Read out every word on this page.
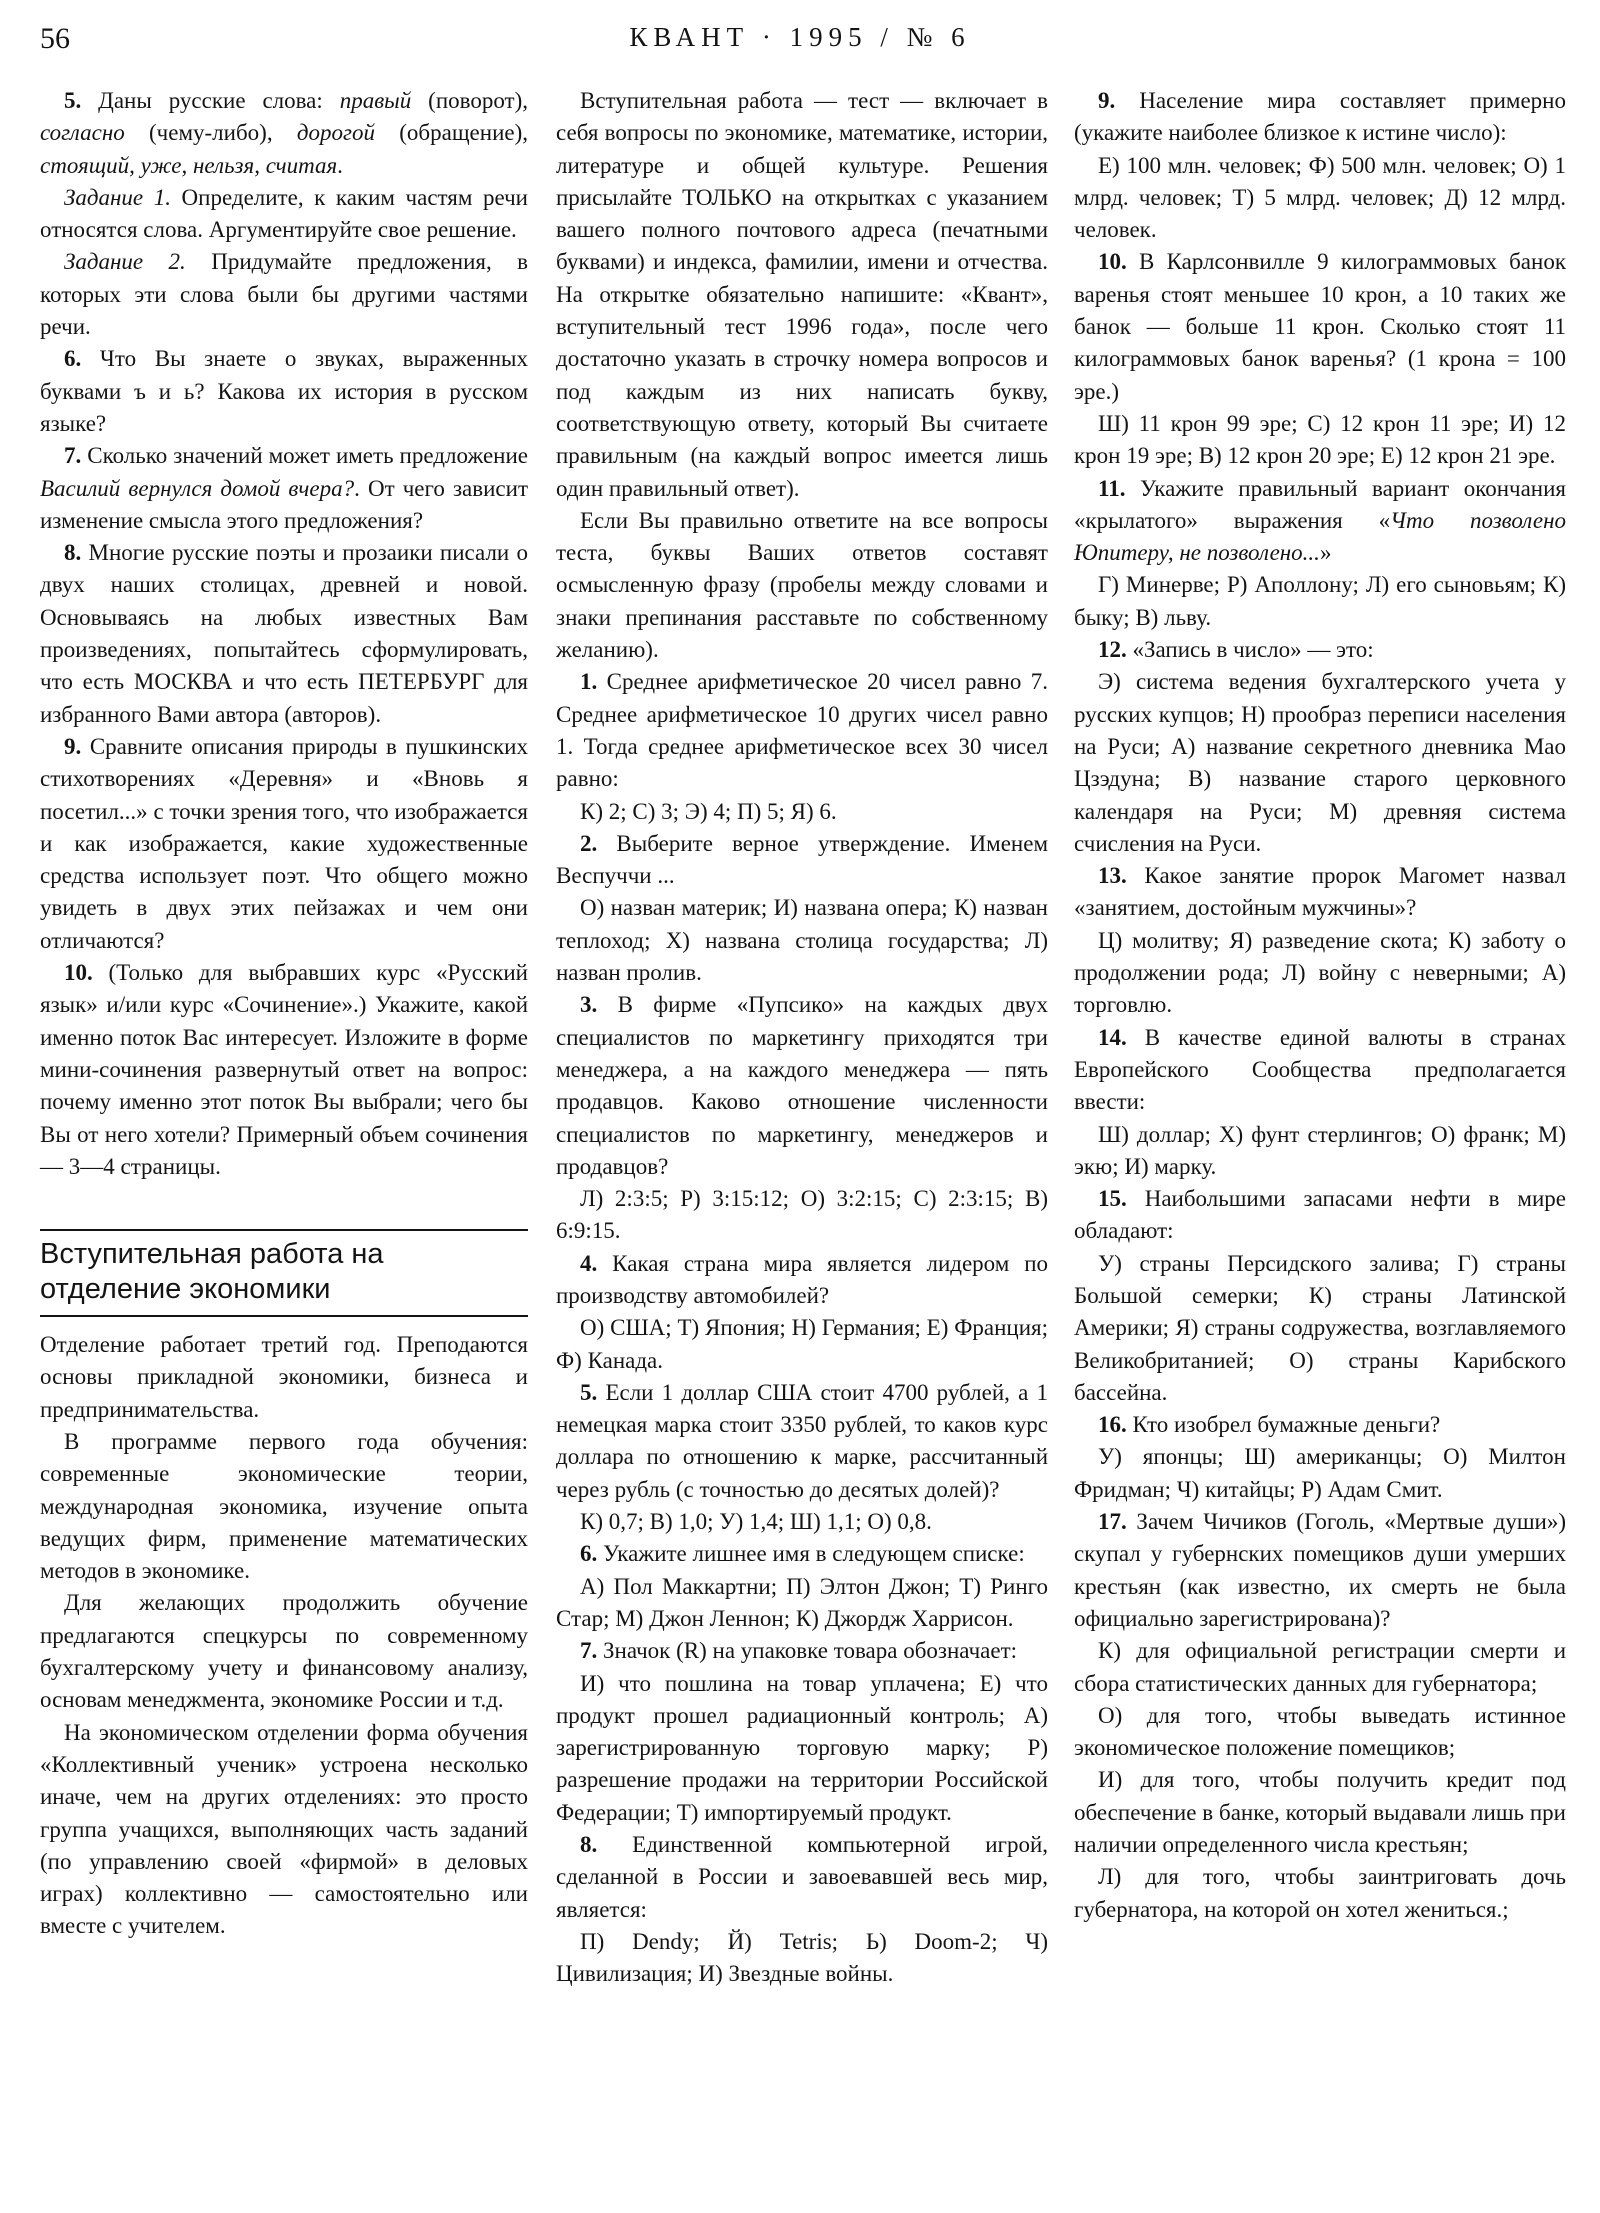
56	КВАНТ · 1995 / № 6

5. Даны русские слова: правый (поворот), согласно (чему-либо), дорогой (обращение), стоящий, уже, нельзя, считая.

Задание 1. Определите, к каким частям речи относятся слова. Аргументируйте свое решение.

Задание 2. Придумайте предложения, в которых эти слова были бы другими частями речи.

6. Что Вы знаете о звуках, выраженных буквами ъ и ь? Какова их история в русском языке?

7. Сколько значений может иметь предложение Василий вернулся домой вчера?. От чего зависит изменение смысла этого предложения?

8. Многие русские поэты и прозаики писали о двух наших столицах, древней и новой. Основываясь на любых известных Вам произведениях, попытайтесь сформулировать, что есть МОСКВА и что есть ПЕТЕРБУРГ для избранного Вами автора (авторов).

9. Сравните описания природы в пушкинских стихотворениях «Деревня» и «Вновь я посетил...» с точки зрения того, что изображается и как изображается, какие художественные средства использует поэт. Что общего можно увидеть в двух этих пейзажах и чем они отличаются?

10. (Только для выбравших курс «Русский язык» и/или курс «Сочинение».) Укажите, какой именно поток Вас интересует. Изложите в форме мини-сочинения развернутый ответ на вопрос: почему именно этот поток Вы выбрали; чего бы Вы от него хотели? Примерный объем сочинения — 3—4 страницы.

Вступительная работа на отделение экономики

Отделение работает третий год. Преподаются основы прикладной экономики, бизнеса и предпринимательства.

В программе первого года обучения: современные экономические теории, международная экономика, изучение опыта ведущих фирм, применение математических методов в экономике.

Для желающих продолжить обучение предлагаются спецкурсы по современному бухгалтерскому учету и финансовому анализу, основам менеджмента, экономике России и т.д.

На экономическом отделении форма обучения «Коллективный ученик» устроена несколько иначе, чем на других отделениях: это просто группа учащихся, выполняющих часть заданий (по управлению своей «фирмой» в деловых играх) коллективно — самостоятельно или вместе с учителем.

Вступительная работа — тест — включает в себя вопросы по экономике, математике, истории, литературе и общей культуре. Решения присылайте ТОЛЬКО на открытках с указанием вашего полного почтового адреса (печатными буквами) и индекса, фамилии, имени и отчества. На открытке обязательно напишите: «Квант», вступительный тест 1996 года», после чего достаточно указать в строчку номера вопросов и под каждым из них написать букву, соответствующую ответу, который Вы считаете правильным (на каждый вопрос имеется лишь один правильный ответ).

Если Вы правильно ответите на все вопросы теста, буквы Ваших ответов составят осмысленную фразу (пробелы между словами и знаки препинания расставьте по собственному желанию).

1. Среднее арифметическое 20 чисел равно 7. Среднее арифметическое 10 других чисел равно 1. Тогда среднее арифметическое всех 30 чисел равно:

К) 2; С) 3; Э) 4; П) 5; Я) 6.

2. Выберите верное утверждение. Именем Веспуччи ...

О) назван материк; И) названа опера; К) назван теплоход; Х) названа столица государства; Л) назван пролив.

3. В фирме «Пупсико» на каждых двух специалистов по маркетингу приходятся три менеджера, а на каждого менеджера — пять продавцов. Каково отношение численности специалистов по маркетингу, менеджеров и продавцов?

Л) 2:3:5; Р) 3:15:12; О) 3:2:15; С) 2:3:15; В) 6:9:15.

4. Какая страна мира является лидером по производству автомобилей?

О) США; Т) Япония; Н) Германия; Е) Франция; Ф) Канада.

5. Если 1 доллар США стоит 4700 рублей, а 1 немецкая марка стоит 3350 рублей, то каков курс доллара по отношению к марке, рассчитанный через рубль (с точностью до десятых долей)?

К) 0,7; В) 1,0; У) 1,4; Ш) 1,1; О) 0,8.

6. Укажите лишнее имя в следующем списке:

А) Пол Маккартни; П) Элтон Джон; Т) Ринго Стар; М) Джон Леннон; К) Джордж Харрисон.

7. Значок (R) на упаковке товара обозначает:

И) что пошлина на товар уплачена; Е) что продукт прошел радиационный контроль; А) зарегистрированную торговую марку; Р) разрешение продажи на территории Российской Федерации; Т) импортируемый продукт.

8. Единственной компьютерной игрой, сделанной в России и завоевавшей весь мир, является:

П) Dendy; Й) Tetris; Ь) Doom-2; Ч) Цивилизация; И) Звездные войны.

9. Население мира составляет примерно (укажите наиболее близкое к истине число):

Е) 100 млн. человек; Ф) 500 млн. человек; О) 1 млрд. человек; Т) 5 млрд. человек; Д) 12 млрд. человек.

10. В Карлсонвилле 9 килограммовых банок варенья стоят меньшее 10 крон, а 10 таких же банок — больше 11 крон. Сколько стоят 11 килограммовых банок варенья? (1 крона = 100 эре.)

Ш) 11 крон 99 эре; С) 12 крон 11 эре; И) 12 крон 19 эре; В) 12 крон 20 эре; Е) 12 крон 21 эре.

11. Укажите правильный вариант окончания «крылатого» выражения «Что позволено Юпитеру, не позволено...»

Г) Минерве; Р) Аполлону; Л) его сыновьям; К) быку; В) льву.

12. «Запись в число» — это:

Э) система ведения бухгалтерского учета у русских купцов; Н) прообраз переписи населения на Руси; А) название секретного дневника Мао Цзэдуна; В) название старого церковного календаря на Руси; М) древняя система счисления на Руси.

13. Какое занятие пророк Магомет назвал «занятием, достойным мужчины»?

Ц) молитву; Я) разведение скота; К) заботу о продолжении рода; Л) войну с неверными; А) торговлю.

14. В качестве единой валюты в странах Европейского Сообщества предполагается ввести:

Ш) доллар; Х) фунт стерлингов; О) франк; М) экю; И) марку.

15. Наибольшими запасами нефти в мире обладают:

У) страны Персидского залива; Г) страны Большой семерки; К) страны Латинской Америки; Я) страны содружества, возглавляемого Великобританией; О) страны Карибского бассейна.

16. Кто изобрел бумажные деньги?

У) японцы; Ш) американцы; О) Милтон Фридман; Ч) китайцы; Р) Адам Смит.

17. Зачем Чичиков (Гоголь, «Мертвые души») скупал у губернских помещиков души умерших крестьян (как известно, их смерть не была официально зарегистрирована)?

К) для официальной регистрации смерти и сбора статистических данных для губернатора;

О) для того, чтобы выведать истинное экономическое положение помещиков;

И) для того, чтобы получить кредит под обеспечение в банке, который выдавали лишь при наличии определенного числа крестьян;

Л) для того, чтобы заинтриговать дочь губернатора, на которой он хотел жениться.;
